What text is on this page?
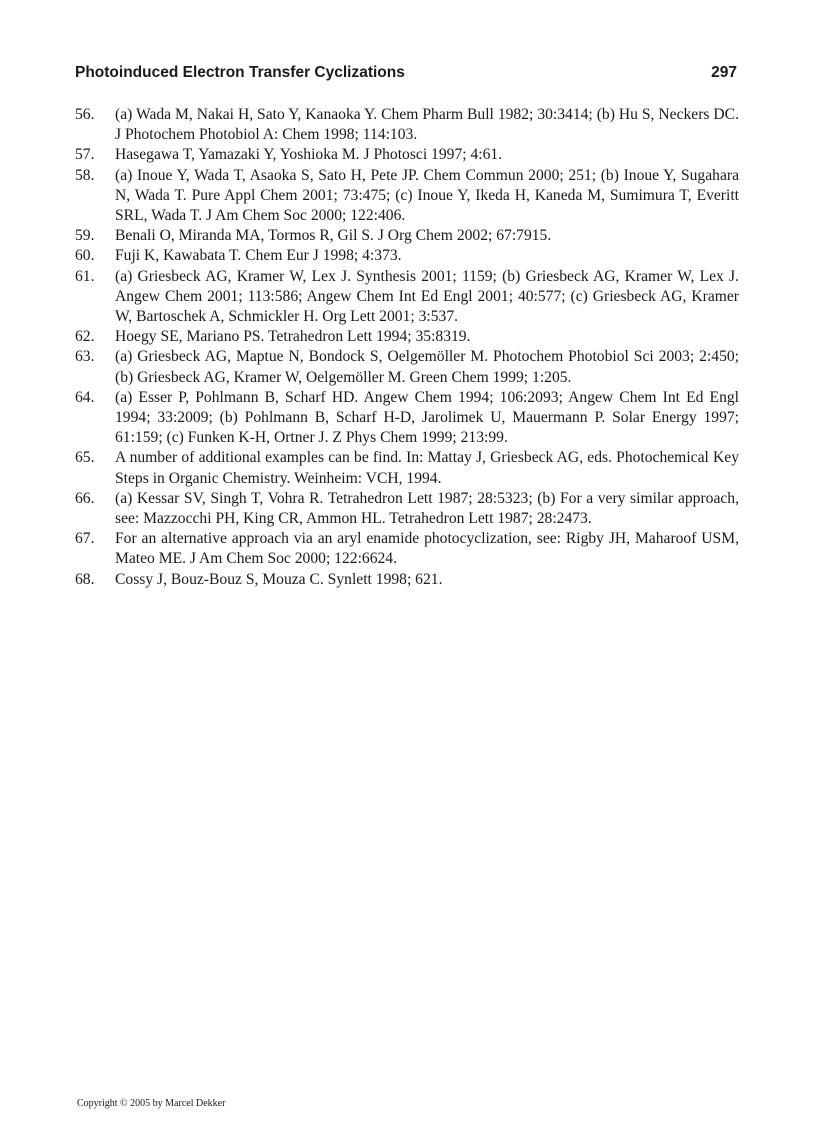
Photoinduced Electron Transfer Cyclizations	297
56.	(a) Wada M, Nakai H, Sato Y, Kanaoka Y. Chem Pharm Bull 1982; 30:3414; (b) Hu S, Neckers DC. J Photochem Photobiol A: Chem 1998; 114:103.
57.	Hasegawa T, Yamazaki Y, Yoshioka M. J Photosci 1997; 4:61.
58.	(a) Inoue Y, Wada T, Asaoka S, Sato H, Pete JP. Chem Commun 2000; 251; (b) Inoue Y, Sugahara N, Wada T. Pure Appl Chem 2001; 73:475; (c) Inoue Y, Ikeda H, Kaneda M, Sumimura T, Everitt SRL, Wada T. J Am Chem Soc 2000; 122:406.
59.	Benali O, Miranda MA, Tormos R, Gil S. J Org Chem 2002; 67:7915.
60.	Fuji K, Kawabata T. Chem Eur J 1998; 4:373.
61.	(a) Griesbeck AG, Kramer W, Lex J. Synthesis 2001; 1159; (b) Griesbeck AG, Kramer W, Lex J. Angew Chem 2001; 113:586; Angew Chem Int Ed Engl 2001; 40:577; (c) Griesbeck AG, Kramer W, Bartoschek A, Schmickler H. Org Lett 2001; 3:537.
62.	Hoegy SE, Mariano PS. Tetrahedron Lett 1994; 35:8319.
63.	(a) Griesbeck AG, Maptue N, Bondock S, Oelgemöller M. Photochem Photobiol Sci 2003; 2:450; (b) Griesbeck AG, Kramer W, Oelgemöller M. Green Chem 1999; 1:205.
64.	(a) Esser P, Pohlmann B, Scharf HD. Angew Chem 1994; 106:2093; Angew Chem Int Ed Engl 1994; 33:2009; (b) Pohlmann B, Scharf H-D, Jarolimek U, Mauermann P. Solar Energy 1997; 61:159; (c) Funken K-H, Ortner J. Z Phys Chem 1999; 213:99.
65.	A number of additional examples can be find. In: Mattay J, Griesbeck AG, eds. Photochemical Key Steps in Organic Chemistry. Weinheim: VCH, 1994.
66.	(a) Kessar SV, Singh T, Vohra R. Tetrahedron Lett 1987; 28:5323; (b) For a very similar approach, see: Mazzocchi PH, King CR, Ammon HL. Tetrahedron Lett 1987; 28:2473.
67.	For an alternative approach via an aryl enamide photocyclization, see: Rigby JH, Maharoof USM, Mateo ME. J Am Chem Soc 2000; 122:6624.
68.	Cossy J, Bouz-Bouz S, Mouza C. Synlett 1998; 621.
Copyright © 2005 by Marcel Dekker
